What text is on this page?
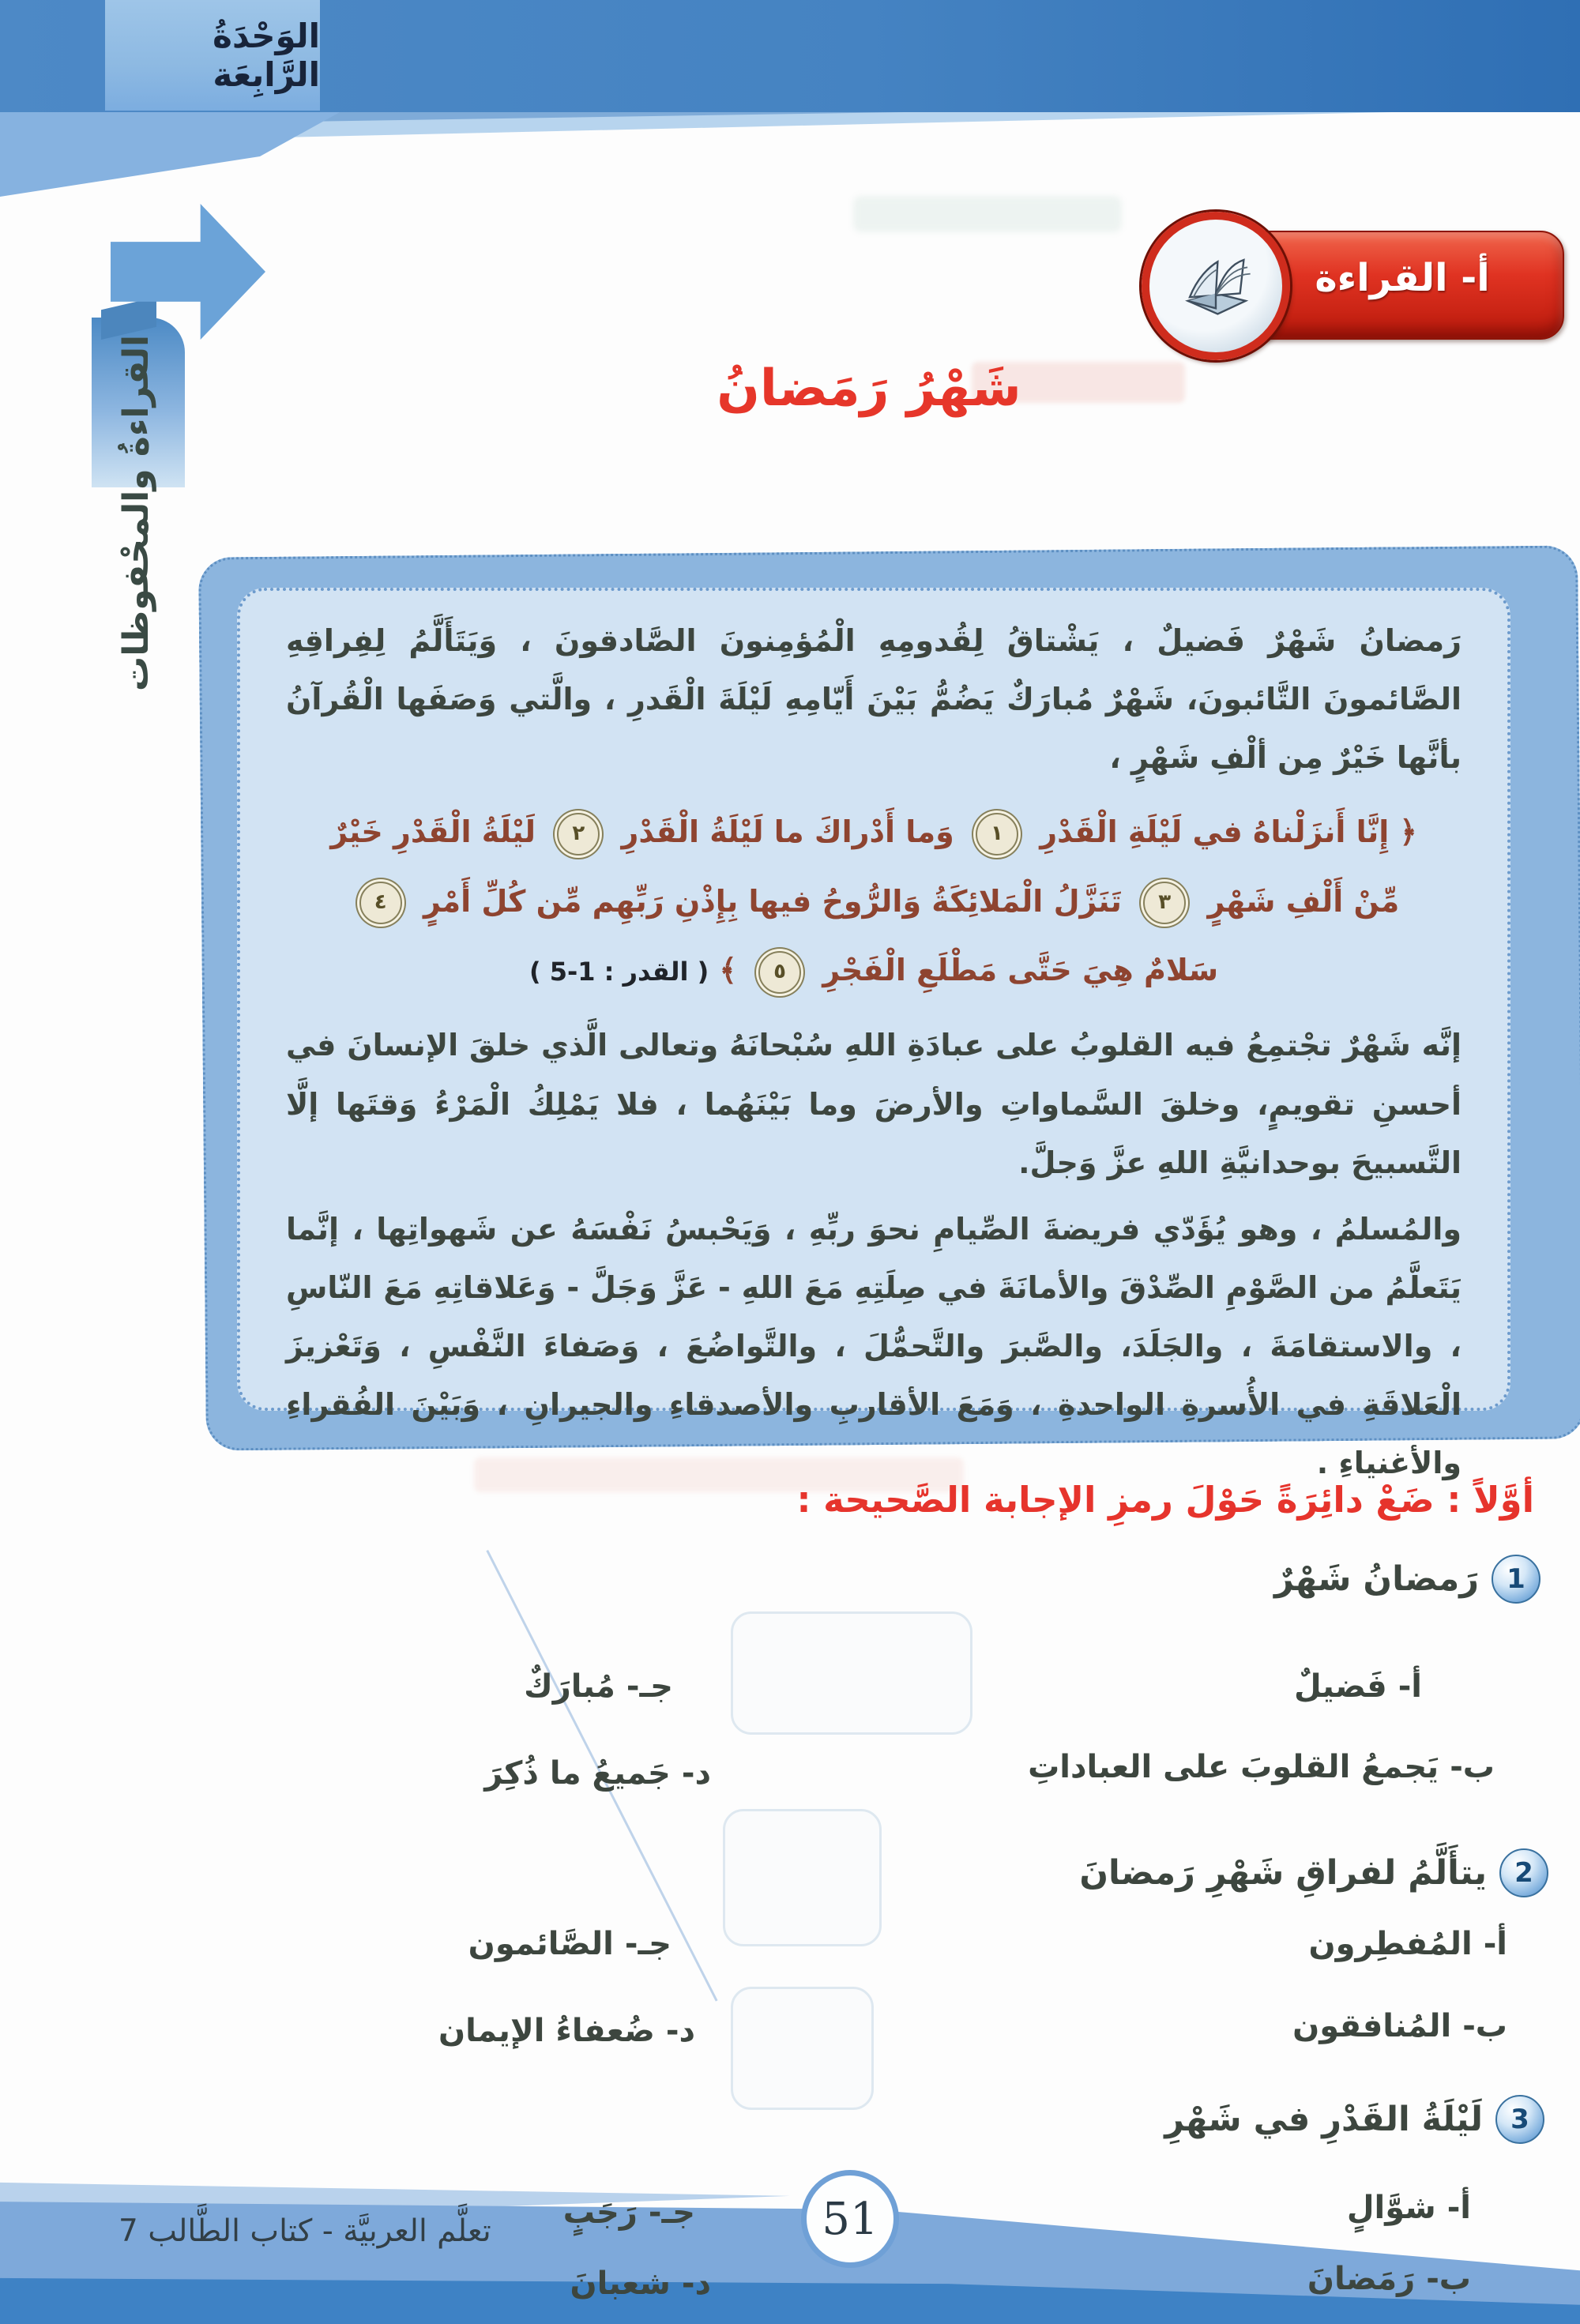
الوَحْدَةُ الرَّابِعَة
القراءةُ والمحْفوظات
أ- القراءة
شَهْرُ رَمَضانُ

رَمضانُ شَهْرٌ فَضيلٌ ، يَشْتاقُ لِقُدومِهِ الْمُؤمِنونَ الصَّادقونَ ، وَيَتَأَلَّمُ لِفِراقِهِ الصَّائمونَ التَّائبونَ، شَهْرٌ مُبارَكٌ يَضُمُّ بَيْنَ أَيّامِهِ لَيْلَةَ الْقَدرِ ، والَّتي وَصَفَها الْقُرآنُ بأنَّها خَيْرٌ مِن ألْفِ شَهْرٍ ،

﴿ إِنَّا أَنزَلْناهُ في لَيْلَةِ الْقَدْرِ ١ وَما أَدْراكَ ما لَيْلَةُ الْقَدْرِ ٢ لَيْلَةُ الْقَدْرِ خَيْرٌ مِّنْ أَلْفِ شَهْرٍ ٣ تَنَزَّلُ الْمَلائِكَةُ وَالرُّوحُ فيها بِإِذْنِ رَبِّهِم مِّن كُلِّ أَمْرٍ ٤ سَلامٌ هِيَ حَتَّى مَطْلَعِ الْفَجْرِ ٥ ﴾ ( القدر : 1-5 )

إنَّه شَهْرٌ تجْتمِعُ فيه القلوبُ على عبادَةِ اللهِ سُبْحانَهُ وتعالى الَّذي خلقَ الإنسانَ في أحسنِ تقويمٍ، وخلقَ السَّماواتِ والأرضَ وما بَيْنَهُما ، فلا يَمْلِكُ الْمَرْءُ وَقتَها إلَّا التَّسبيحَ بوحدانيَّةِ اللهِ عزَّ وَجلَّ.

والمُسلمُ ، وهو يُؤَدّي فريضةَ الصِّيامِ نحوَ ربِّهِ ، وَيَحْبسُ نَفْسَهُ عن شَهواتِها ، إنَّما يَتَعلَّمُ من الصَّوْمِ الصِّدْقَ والأمانَةَ في صِلَتِهِ مَعَ اللهِ - عَزَّ وَجَلَّ - وَعَلاقاتِهِ مَعَ النّاسِ ، والاستقامَةَ ، والجَلَدَ، والصَّبرَ والتَّحمُّلَ ، والتَّواضُعَ ، وَصَفاءَ النَّفْسِ ، وَتَعْزيزَ الْعَلاقَةِ في الأُسرةِ الواحدةِ ، وَمَعَ الأقاربِ والأصدقاءِ والجيرانِ ، وَبَيْنَ الفُقراءِ والأغنياءِ .

أوَّلاً : ضَعْ دائِرَةً حَوْلَ رمزِ الإجابة الصَّحيحة :
1
رَمضانُ شَهْرٌ
أ-فَضيلٌ
جـ-مُبارَكٌ
ب-يَجمعُ القلوبَ على العباداتِ
د-جَميعُ ما ذُكِرَ
2
يتأَلَّمُ لفراقِ شَهْرِ رَمضانَ
أ-المُفطِرون
جـ-الصَّائمون
ب-المُنافقون
د-ضُعفاءُ الإيمان
3
لَيْلَةُ القَدْرِ في شَهْرِ
أ-شوَّالٍ
جـ-رَجَبٍ
ب-رَمَضانَ
د-شعبانَ
تعلَّم العربيَّة - كتاب الطَّالب 7	51
